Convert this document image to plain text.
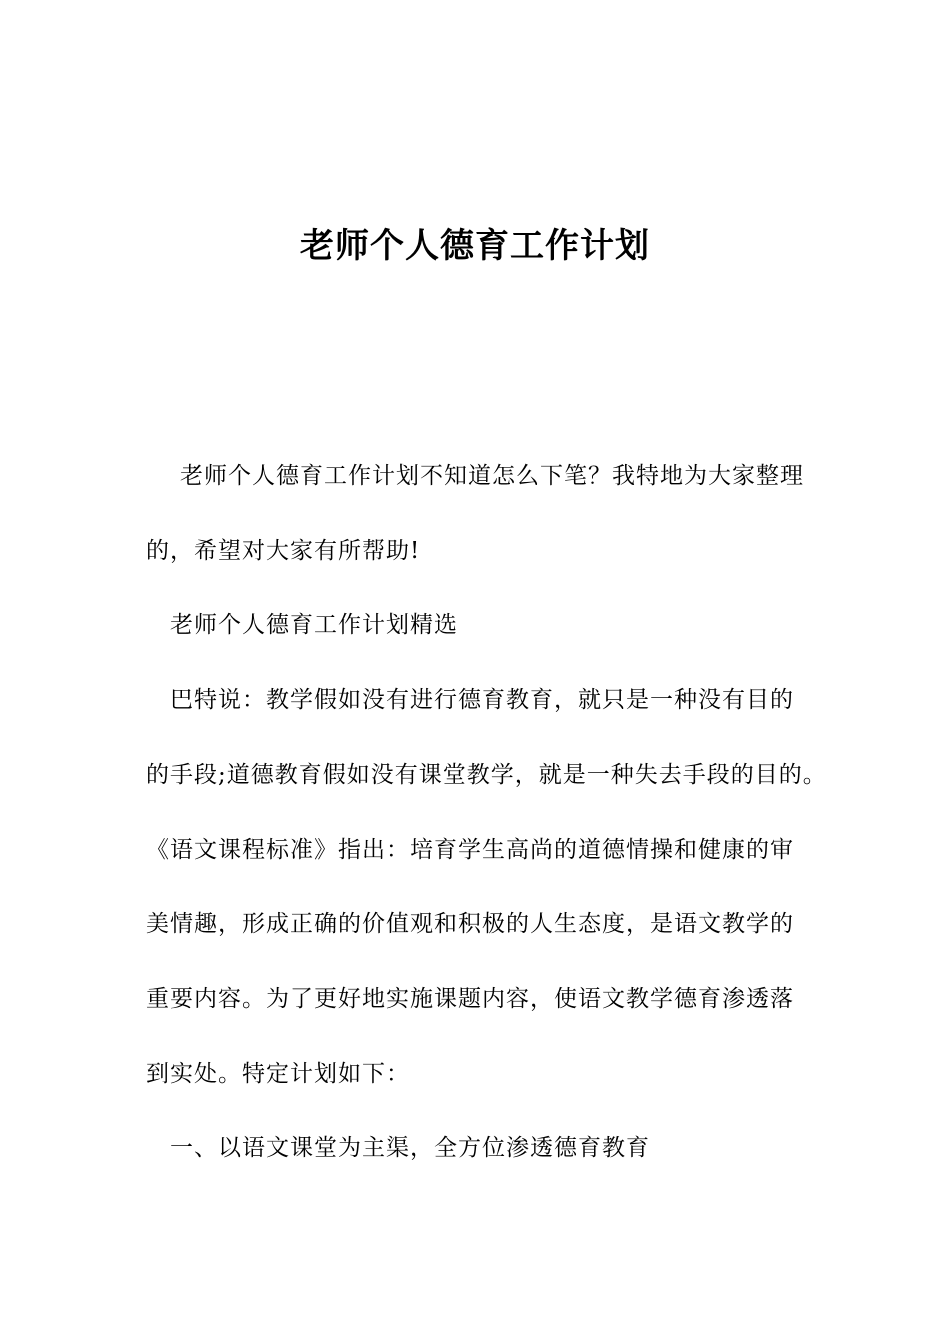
老师个人德育工作计划

老师个人德育工作计划不知道怎么下笔？我特地为大家整理

的，希望对大家有所帮助!

老师个人德育工作计划精选

巴特说：教学假如没有进行德育教育，就只是一种没有目的

的手段;道德教育假如没有课堂教学，就是一种失去手段的目的。

《语文课程标准》指出：培育学生高尚的道德情操和健康的审

美情趣，形成正确的价值观和积极的人生态度，是语文教学的

重要内容。为了更好地实施课题内容，使语文教学德育渗透落

到实处。特定计划如下：

一、以语文课堂为主渠，全方位渗透德育教育
